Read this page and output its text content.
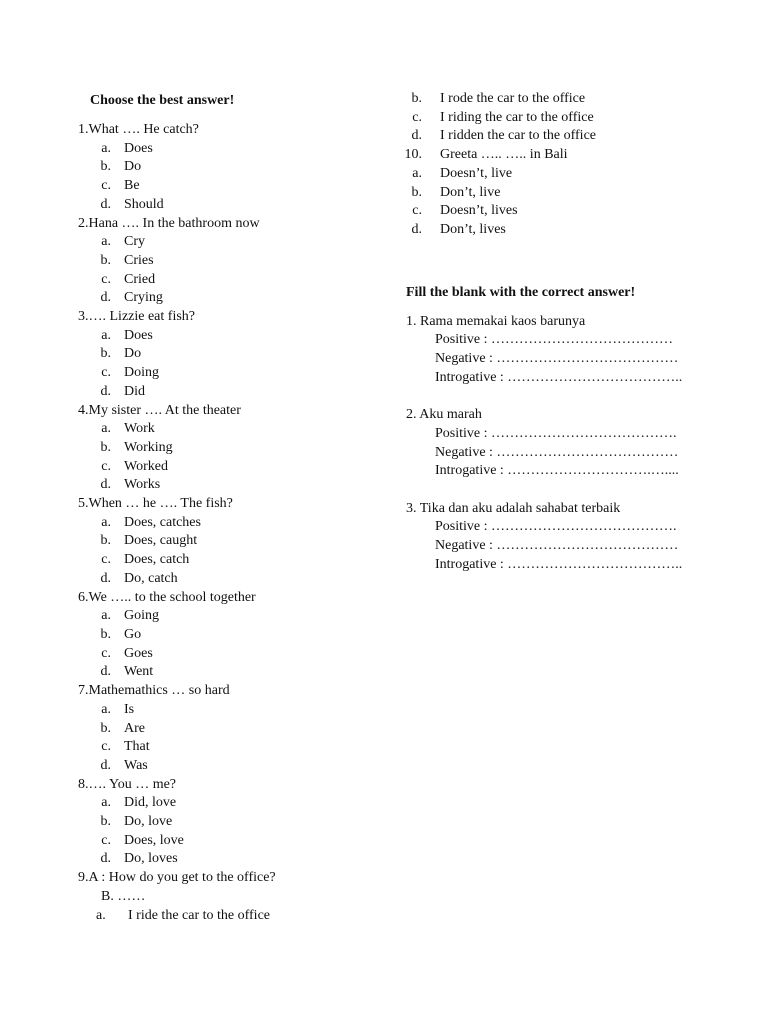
Choose the best answer!
1.What …. He catch?
a. Does
b. Do
c. Be
d. Should
2.Hana …. In the bathroom now
a. Cry
b. Cries
c. Cried
d. Crying
3.…. Lizzie eat fish?
a. Does
b. Do
c. Doing
d. Did
4.My sister …. At the theater
a. Work
b. Working
c. Worked
d. Works
5.When … he …. The fish?
a. Does, catches
b. Does, caught
c. Does, catch
d. Do, catch
6.We ….. to the school together
a. Going
b. Go
c. Goes
d. Went
7.Mathemathics … so hard
a. Is
b. Are
c. That
d. Was
8.…. You … me?
a. Did, love
b. Do, love
c. Does, love
d. Do, loves
9.A : How do you get to the office?
B. ……
a. I ride the car to the office
b. I rode the car to the office
c. I riding the car to the office
d. I ridden the car to the office
10. Greeta ….. ….. in Bali
a. Doesn’t, live
b. Don’t, live
c. Doesn’t, lives
d. Don’t, lives
Fill the blank with the correct answer!
1. Rama memakai kaos barunya
Positive : …………………………………
Negative : …………………………………
Introgative : ………………………………..
2. Aku marah
Positive : ………………………………….
Negative : …………………………………
Introgative : ………………………….…....
3. Tika dan aku adalah sahabat terbaik
Positive : ………………………………….
Negative : …………………………………
Introgative : ………………………………..
